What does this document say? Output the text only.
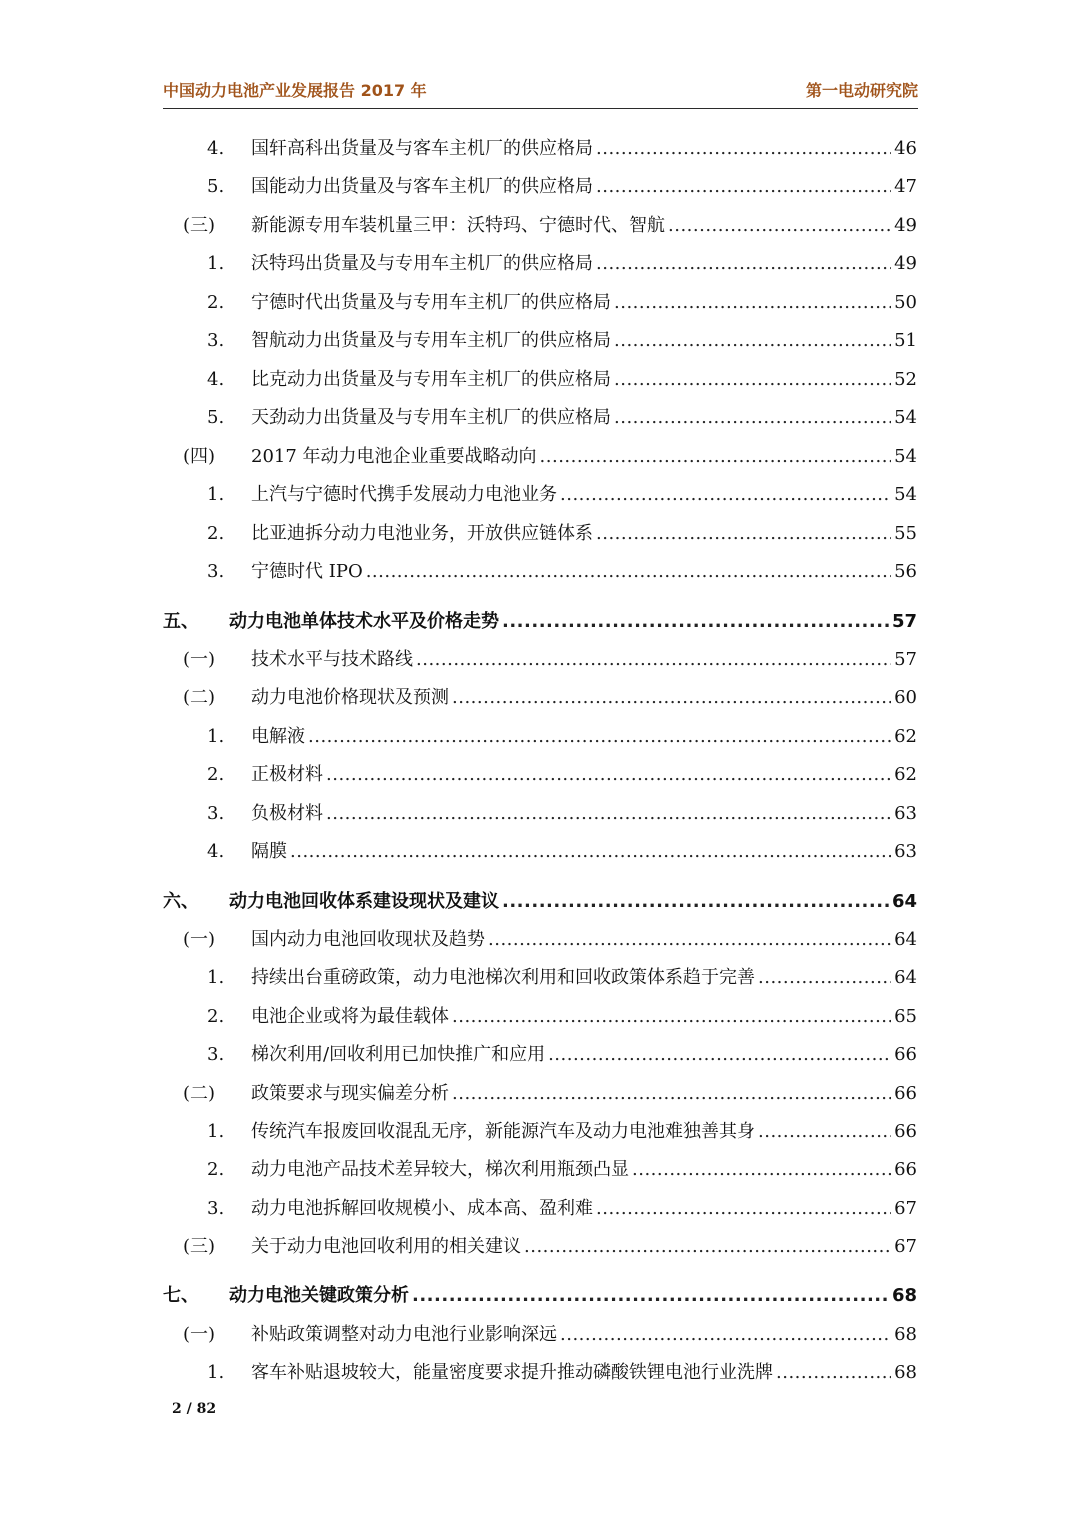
中国动力电池产业发展报告 2017 年	第一电动研究院
4.	国轩高科出货量及与客车主机厂的供应格局 .....	46
5.	国能动力出货量及与客车主机厂的供应格局 .....	47
(三)	新能源专用车装机量三甲：沃特玛、宁德时代、智航 .....	49
1.	沃特玛出货量及与专用车主机厂的供应格局 .....	49
2.	宁德时代出货量及与专用车主机厂的供应格局 .....	50
3.	智航动力出货量及与专用车主机厂的供应格局 .....	51
4.	比克动力出货量及与专用车主机厂的供应格局 .....	52
5.	天劲动力出货量及与专用车主机厂的供应格局 .....	54
(四)	2017 年动力电池企业重要战略动向 .....	54
1.	上汽与宁德时代携手发展动力电池业务 .....	54
2.	比亚迪拆分动力电池业务，开放供应链体系 .....	55
3.	宁德时代 IPO .....	56
五、	动力电池单体技术水平及价格走势 .....	57
(一)	技术水平与技术路线 .....	57
(二)	动力电池价格现状及预测 .....	60
1.	电解液 .....	62
2.	正极材料 .....	62
3.	负极材料 .....	63
4.	隔膜 .....	63
六、	动力电池回收体系建设现状及建议 .....	64
(一)	国内动力电池回收现状及趋势 .....	64
1.	持续出台重磅政策，动力电池梯次利用和回收政策体系趋于完善 .....	64
2.	电池企业或将为最佳载体 .....	65
3.	梯次利用/回收利用已加快推广和应用 .....	66
(二)	政策要求与现实偏差分析 .....	66
1.	传统汽车报废回收混乱无序，新能源汽车及动力电池难独善其身 .....	66
2.	动力电池产品技术差异较大，梯次利用瓶颈凸显 .....	66
3.	动力电池拆解回收规模小、成本高、盈利难 .....	67
(三)	关于动力电池回收利用的相关建议 .....	67
七、	动力电池关键政策分析 .....	68
(一)	补贴政策调整对动力电池行业影响深远 .....	68
1.	客车补贴退坡较大，能量密度要求提升推动磷酸铁锂电池行业洗牌 .....	68
2 / 82
